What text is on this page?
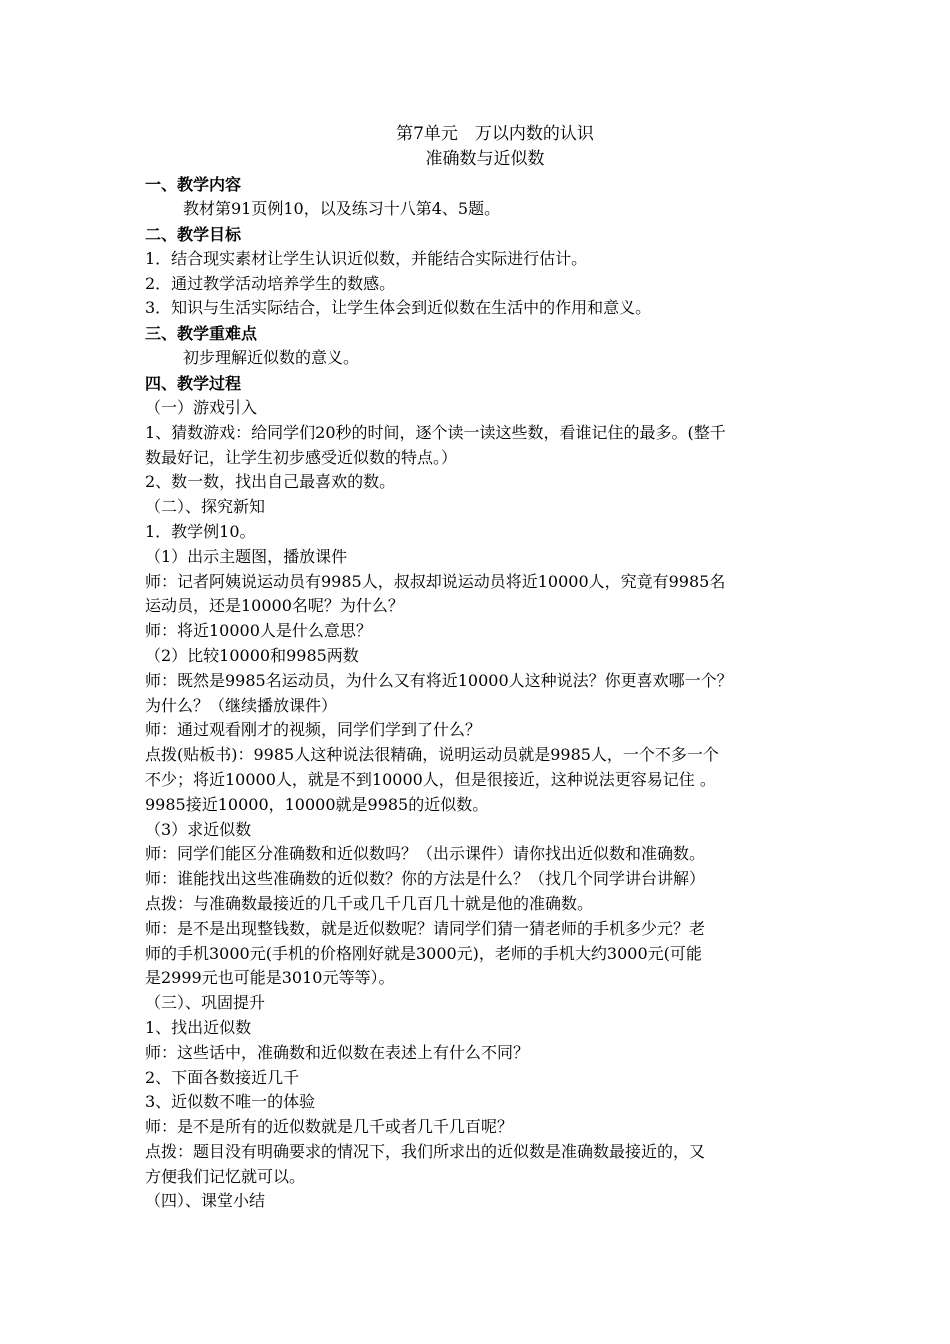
第7单元　万以内数的认识
准确数与近似数
一、教学内容
教材第91页例10，以及练习十八第4、5题。
二、教学目标
1．结合现实素材让学生认识近似数，并能结合实际进行估计。
2．通过教学活动培养学生的数感。
3．知识与生活实际结合，让学生体会到近似数在生活中的作用和意义。
三、教学重难点
初步理解近似数的意义。
四、教学过程
（一）游戏引入
1、猜数游戏：给同学们20秒的时间，逐个读一读这些数，看谁记住的最多。(整千
数最好记，让学生初步感受近似数的特点。）
2、数一数，找出自己最喜欢的数。
（二）、探究新知
1．教学例10。
（1）出示主题图，播放课件
师：记者阿姨说运动员有9985人，叔叔却说运动员将近10000人，究竟有9985名
运动员，还是10000名呢？为什么？
师：将近10000人是什么意思？
（2）比较10000和9985两数
师：既然是9985名运动员，为什么又有将近10000人这种说法？你更喜欢哪一个？
为什么？（继续播放课件）
师：通过观看刚才的视频，同学们学到了什么？
点拨(贴板书)：9985人这种说法很精确，说明运动员就是9985人，一个不多一个
不少；将近10000人，就是不到10000人，但是很接近，这种说法更容易记住 。
9985接近10000，10000就是9985的近似数。
（3）求近似数
师：同学们能区分准确数和近似数吗？（出示课件）请你找出近似数和准确数。
师：谁能找出这些准确数的近似数？你的方法是什么？（找几个同学讲台讲解）
点拨：与准确数最接近的几千或几千几百几十就是他的准确数。
师：是不是出现整钱数，就是近似数呢？请同学们猜一猜老师的手机多少元？老
师的手机3000元(手机的价格刚好就是3000元)，老师的手机大约3000元(可能
是2999元也可能是3010元等等）。
（三）、巩固提升
1、找出近似数
师：这些话中，准确数和近似数在表述上有什么不同？
2、下面各数接近几千
3、近似数不唯一的体验
师：是不是所有的近似数就是几千或者几千几百呢？
点拨：题目没有明确要求的情况下，我们所求出的近似数是准确数最接近的，又
方便我们记忆就可以。
（四）、课堂小结
